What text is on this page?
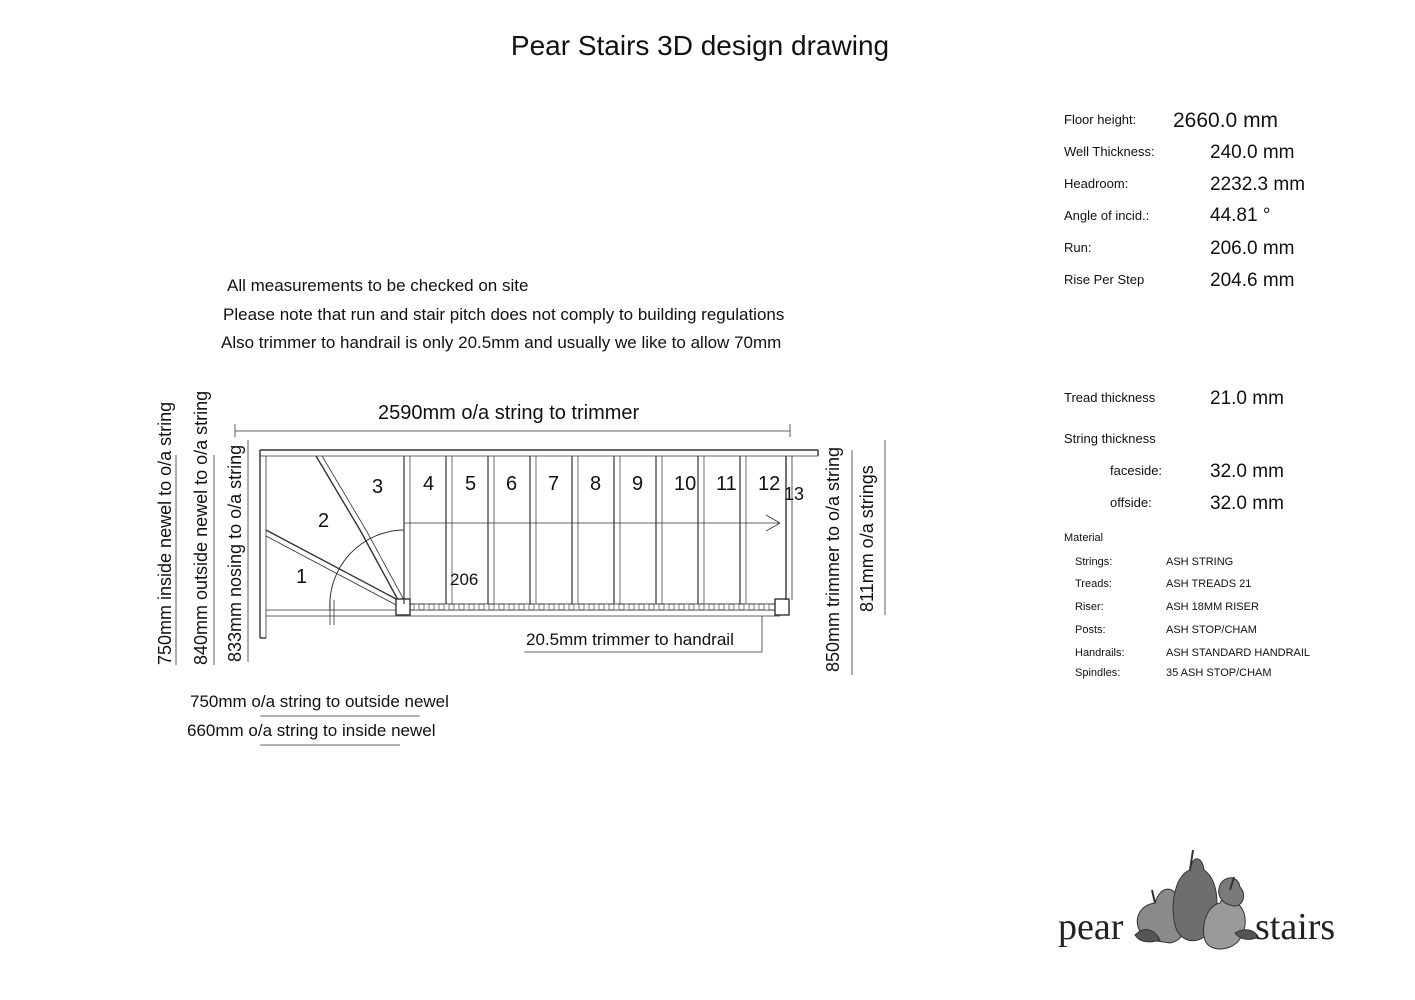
Pear Stairs 3D design drawing
Floor height: 2660.0 mm
Well Thickness:	240.0 mm
Headroom:	2232.3 mm
Angle of incid.:	44.81 °
Run:	206.0 mm
Rise Per Step	204.6 mm
Tread thickness	21.0 mm
String thickness
faceside:	32.0 mm
offside:	32.0 mm
Material
Strings:	ASH STRING
Treads:	ASH TREADS 21
Riser:	ASH 18MM RISER
Posts:	ASH STOP/CHAM
Handrails:	ASH STANDARD HANDRAIL
Spindles:	35 ASH STOP/CHAM
All measurements to be checked on site
Please note that run and stair pitch does not comply to building regulations
Also trimmer to handrail is only 20.5mm and usually we like to allow 70mm
2590mm o/a string to trimmer
20.5mm trimmer to handrail
750mm o/a string to outside newel
660mm o/a string to inside newel
206
750mm inside newel to o/a string 840mm outside newel to o/a string 833mm nosing to o/a string	850mm trimmer to o/a string 811mm o/a strings
1
2
3 4 5 6 7 8 9 10 11 12 13
pear	stairs
